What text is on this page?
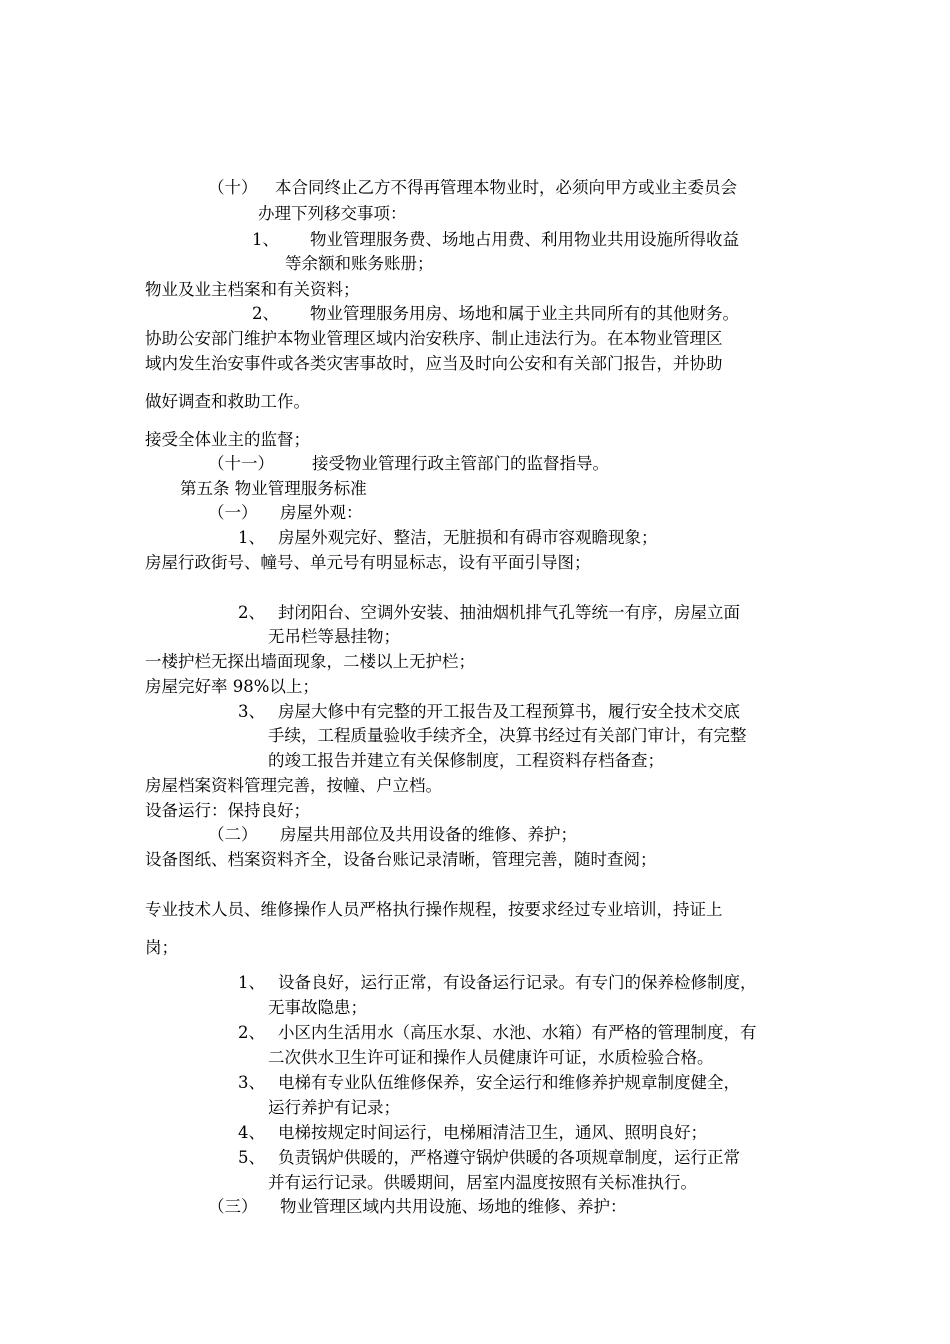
（十） 本合同终止乙方不得再管理本物业时，必须向甲方或业主委员会
办理下列移交事项：
1、 物业管理服务费、场地占用费、利用物业共用设施所得收益
等余额和账务账册；
物业及业主档案和有关资料；
2、 物业管理服务用房、场地和属于业主共同所有的其他财务。
协助公安部门维护本物业管理区域内治安秩序、制止违法行为。在本物业管理区
域内发生治安事件或各类灾害事故时，应当及时向公安和有关部门报告，并协助
做好调查和救助工作。
接受全体业主的监督；
（十一） 接受物业管理行政主管部门的监督指导。
第五条 物业管理服务标准
（一） 房屋外观：
1、 房屋外观完好、整洁，无脏损和有碍市容观瞻现象；
房屋行政街号、幢号、单元号有明显标志，设有平面引导图；
2、 封闭阳台、空调外安装、抽油烟机排气孔等统一有序，房屋立面
无吊栏等悬挂物；
一楼护栏无探出墙面现象，二楼以上无护栏；
房屋完好率 98%以上；
3、 房屋大修中有完整的开工报告及工程预算书，履行安全技术交底
手续，工程质量验收手续齐全，决算书经过有关部门审计，有完整
的竣工报告并建立有关保修制度，工程资料存档备查；
房屋档案资料管理完善，按幢、户立档。
设备运行：保持良好；
（二） 房屋共用部位及共用设备的维修、养护；
设备图纸、档案资料齐全，设备台账记录清晰，管理完善，随时查阅；
专业技术人员、维修操作人员严格执行操作规程，按要求经过专业培训，持证上
岗；
1、 设备良好，运行正常，有设备运行记录。有专门的保养检修制度，
无事故隐患；
2、 小区内生活用水（高压水泵、水池、水箱）有严格的管理制度，有
二次供水卫生许可证和操作人员健康许可证，水质检验合格。
3、 电梯有专业队伍维修保养，安全运行和维修养护规章制度健全，
运行养护有记录；
4、 电梯按规定时间运行，电梯厢清洁卫生，通风、照明良好；
5、 负责锅炉供暖的，严格遵守锅炉供暖的各项规章制度，运行正常
并有运行记录。供暖期间，居室内温度按照有关标准执行。
（三） 物业管理区域内共用设施、场地的维修、养护：
